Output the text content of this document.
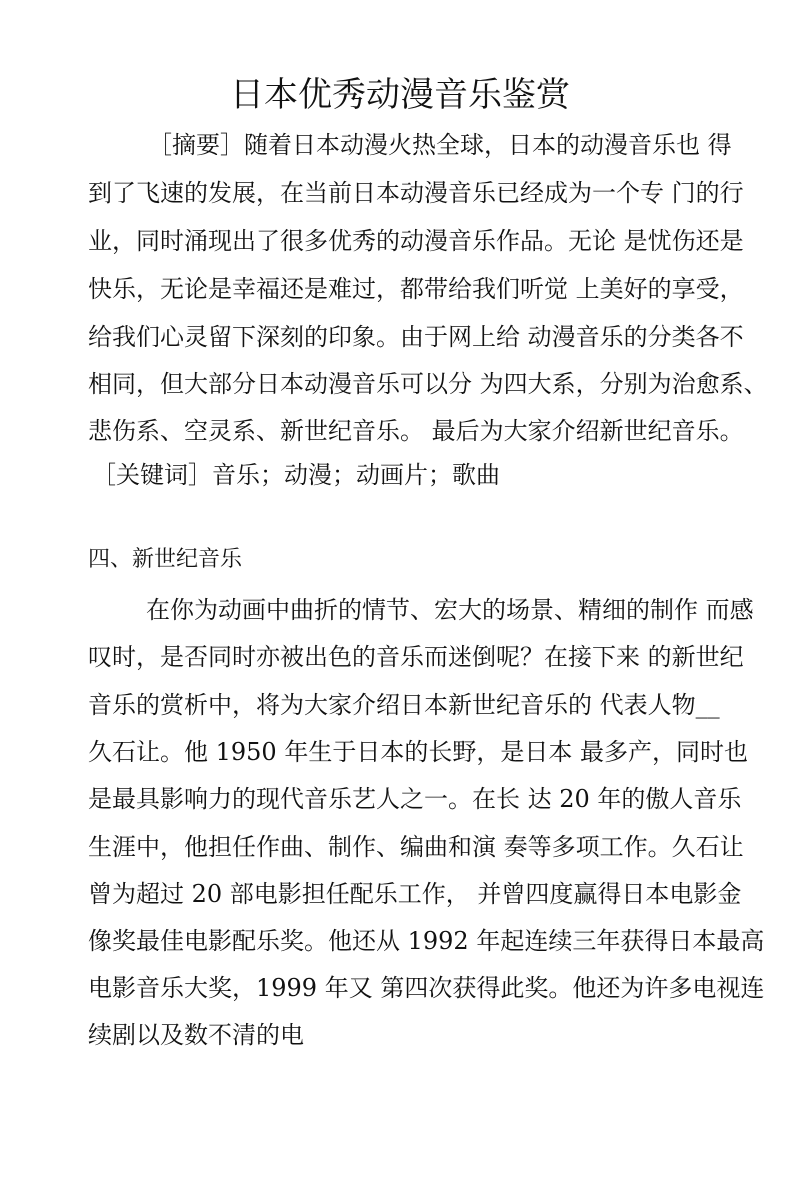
日本优秀动漫音乐鉴赏
［摘要］随着日本动漫火热全球，日本的动漫音乐也 得
到了飞速的发展，在当前日本动漫音乐已经成为一个专 门的行
业，同时涌现出了很多优秀的动漫音乐作品。无论 是忧伤还是
快乐，无论是幸福还是难过，都带给我们听觉 上美好的享受，
给我们心灵留下深刻的印象。由于网上给 动漫音乐的分类各不
相同，但大部分日本动漫音乐可以分 为四大系，分别为治愈系、
悲伤系、空灵系、新世纪音乐。 最后为大家介绍新世纪音乐。
［关键词］音乐；动漫；动画片；歌曲
四、新世纪音乐
在你为动画中曲折的情节、宏大的场景、精细的制作 而感
叹时，是否同时亦被出色的音乐而迷倒呢？在接下来 的新世纪
音乐的赏析中，将为大家介绍日本新世纪音乐的 代表人物__
久石让。他 1950 年生于日本的长野，是日本 最多产，同时也
是最具影响力的现代音乐艺人之一。在长 达 20 年的傲人音乐
生涯中，他担任作曲、制作、编曲和演 奏等多项工作。久石让
曾为超过 20 部电影担任配乐工作， 并曾四度赢得日本电影金
像奖最佳电影配乐奖。他还从 1992 年起连续三年获得日本最高
电影音乐大奖，1999 年又 第四次获得此奖。他还为许多电视连
续剧以及数不清的电
